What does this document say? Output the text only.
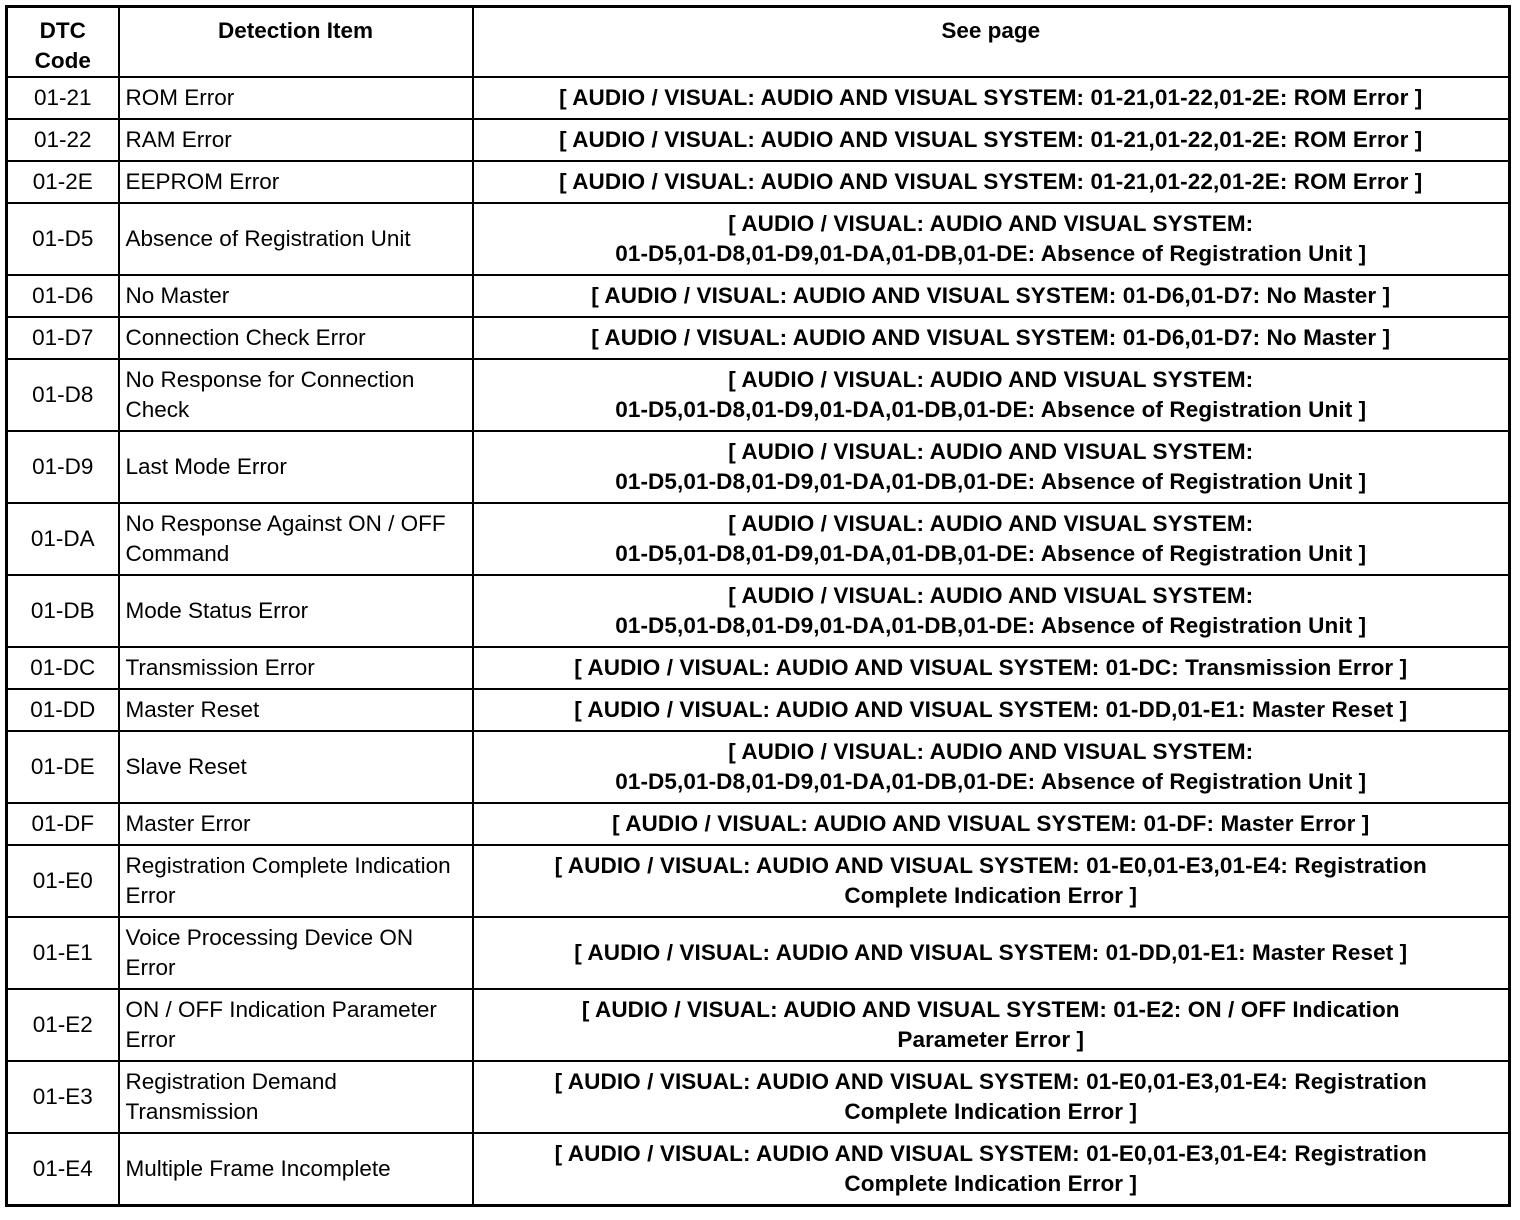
DTC
Code	Detection Item	See page
01-21	ROM Error	[ AUDIO / VISUAL: AUDIO AND VISUAL SYSTEM: 01-21,01-22,01-2E: ROM Error ]

01-22	RAM Error	[ AUDIO / VISUAL: AUDIO AND VISUAL SYSTEM: 01-21,01-22,01-2E: ROM Error ]

01-2E	EEPROM Error	[ AUDIO / VISUAL: AUDIO AND VISUAL SYSTEM: 01-21,01-22,01-2E: ROM Error ]

01-D5	Absence of Registration Unit	[ AUDIO / VISUAL: AUDIO AND VISUAL SYSTEM:
01-D5,01-D8,01-D9,01-DA,01-DB,01-DE: Absence of Registration Unit ]

01-D6	No Master	[ AUDIO / VISUAL: AUDIO AND VISUAL SYSTEM: 01-D6,01-D7: No Master ]

01-D7	Connection Check Error	[ AUDIO / VISUAL: AUDIO AND VISUAL SYSTEM: 01-D6,01-D7: No Master ]

01-D8	No Response for Connection Check	[ AUDIO / VISUAL: AUDIO AND VISUAL SYSTEM:
01-D5,01-D8,01-D9,01-DA,01-DB,01-DE: Absence of Registration Unit ]

01-D9	Last Mode Error	[ AUDIO / VISUAL: AUDIO AND VISUAL SYSTEM:
01-D5,01-D8,01-D9,01-DA,01-DB,01-DE: Absence of Registration Unit ]

01-DA	No Response Against ON / OFF Command	[ AUDIO / VISUAL: AUDIO AND VISUAL SYSTEM:
01-D5,01-D8,01-D9,01-DA,01-DB,01-DE: Absence of Registration Unit ]

01-DB	Mode Status Error	[ AUDIO / VISUAL: AUDIO AND VISUAL SYSTEM:
01-D5,01-D8,01-D9,01-DA,01-DB,01-DE: Absence of Registration Unit ]

01-DC	Transmission Error	[ AUDIO / VISUAL: AUDIO AND VISUAL SYSTEM: 01-DC: Transmission Error ]

01-DD	Master Reset	[ AUDIO / VISUAL: AUDIO AND VISUAL SYSTEM: 01-DD,01-E1: Master Reset ]

01-DE	Slave Reset	[ AUDIO / VISUAL: AUDIO AND VISUAL SYSTEM:
01-D5,01-D8,01-D9,01-DA,01-DB,01-DE: Absence of Registration Unit ]

01-DF	Master Error	[ AUDIO / VISUAL: AUDIO AND VISUAL SYSTEM: 01-DF: Master Error ]

01-E0	Registration Complete Indication Error	[ AUDIO / VISUAL: AUDIO AND VISUAL SYSTEM: 01-E0,01-E3,01-E4: Registration
Complete Indication Error ]

01-E1	Voice Processing Device ON Error	[ AUDIO / VISUAL: AUDIO AND VISUAL SYSTEM: 01-DD,01-E1: Master Reset ]

01-E2	ON / OFF Indication Parameter Error	[ AUDIO / VISUAL: AUDIO AND VISUAL SYSTEM: 01-E2: ON / OFF Indication
Parameter Error ]

01-E3	Registration Demand Transmission	[ AUDIO / VISUAL: AUDIO AND VISUAL SYSTEM: 01-E0,01-E3,01-E4: Registration
Complete Indication Error ]

01-E4	Multiple Frame Incomplete	[ AUDIO / VISUAL: AUDIO AND VISUAL SYSTEM: 01-E0,01-E3,01-E4: Registration
Complete Indication Error ]
